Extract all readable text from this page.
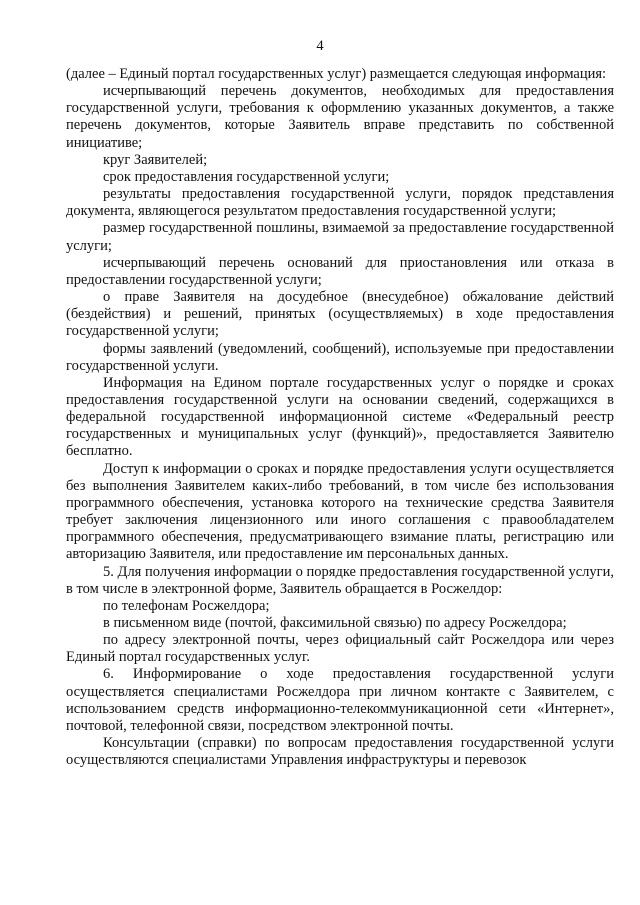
4

(далее – Единый портал государственных услуг) размещается следующая информация:

исчерпывающий перечень документов, необходимых для предоставления государственной услуги, требования к оформлению указанных документов, а также перечень документов, которые Заявитель вправе представить по собственной инициативе;

круг Заявителей;

срок предоставления государственной услуги;

результаты предоставления государственной услуги, порядок представления документа, являющегося результатом предоставления государственной услуги;

размер государственной пошлины, взимаемой за предоставление государственной услуги;

исчерпывающий перечень оснований для приостановления или отказа в предоставлении государственной услуги;

о праве Заявителя на досудебное (внесудебное) обжалование действий (бездействия) и решений, принятых (осуществляемых) в ходе предоставления государственной услуги;

формы заявлений (уведомлений, сообщений), используемые при предоставлении государственной услуги.

Информация на Едином портале государственных услуг о порядке и сроках предоставления государственной услуги на основании сведений, содержащихся в федеральной государственной информационной системе «Федеральный реестр государственных и муниципальных услуг (функций)», предоставляется Заявителю бесплатно.

Доступ к информации о сроках и порядке предоставления услуги осуществляется без выполнения Заявителем каких-либо требований, в том числе без использования программного обеспечения, установка которого на технические средства Заявителя требует заключения лицензионного или иного соглашения с правообладателем программного обеспечения, предусматривающего взимание платы, регистрацию или авторизацию Заявителя, или предоставление им персональных данных.

5. Для получения информации о порядке предоставления государственной услуги, в том числе в электронной форме, Заявитель обращается в Росжелдор:

по телефонам Росжелдора;

в письменном виде (почтой, факсимильной связью) по адресу Росжелдора;

по адресу электронной почты, через официальный сайт Росжелдора или через Единый портал государственных услуг.

6. Информирование о ходе предоставления государственной услуги осуществляется специалистами Росжелдора при личном контакте с Заявителем, с использованием средств информационно-телекоммуникационной сети «Интернет», почтовой, телефонной связи, посредством электронной почты.

Консультации (справки) по вопросам предоставления государственной услуги осуществляются специалистами Управления инфраструктуры и перевозок
